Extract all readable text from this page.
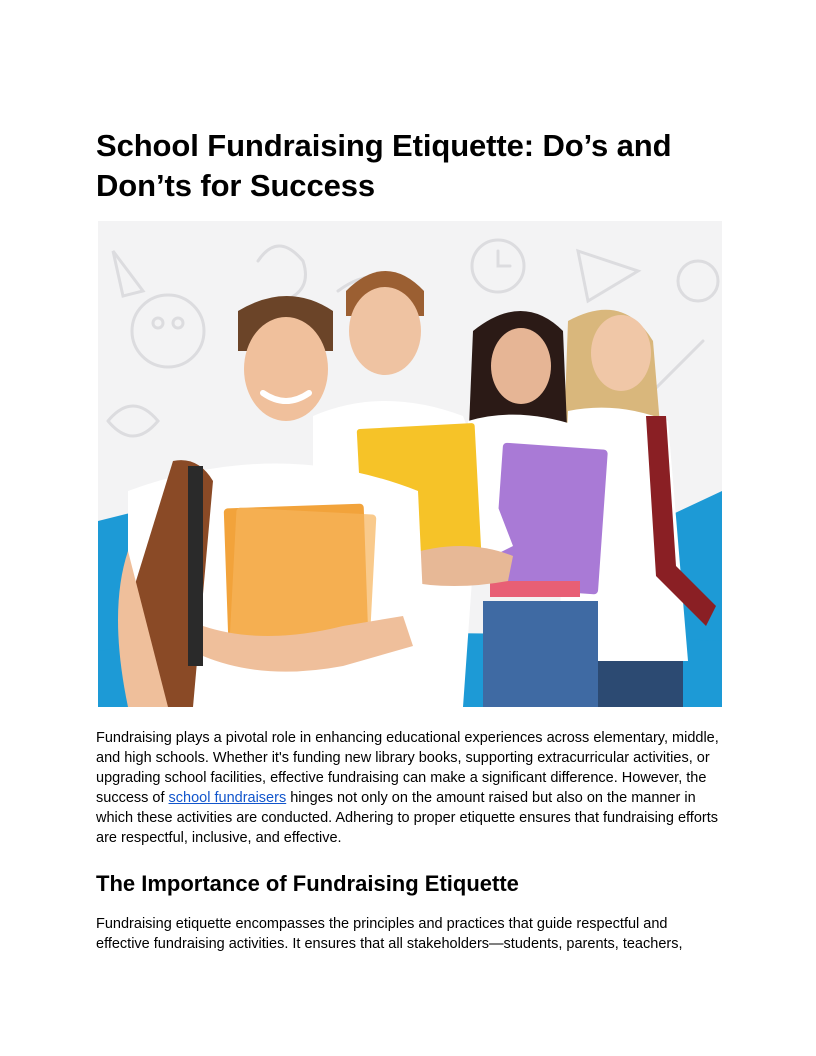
School Fundraising Etiquette: Do’s and Don’ts for Success

Fundraising plays a pivotal role in enhancing educational experiences across elementary, middle, and high schools. Whether it's funding new library books, supporting extracurricular activities, or upgrading school facilities, effective fundraising can make a significant difference. However, the success of school fundraisers hinges not only on the amount raised but also on the manner in which these activities are conducted. Adhering to proper etiquette ensures that fundraising efforts are respectful, inclusive, and effective.

The Importance of Fundraising Etiquette

Fundraising etiquette encompasses the principles and practices that guide respectful and effective fundraising activities. It ensures that all stakeholders—students, parents, teachers,
